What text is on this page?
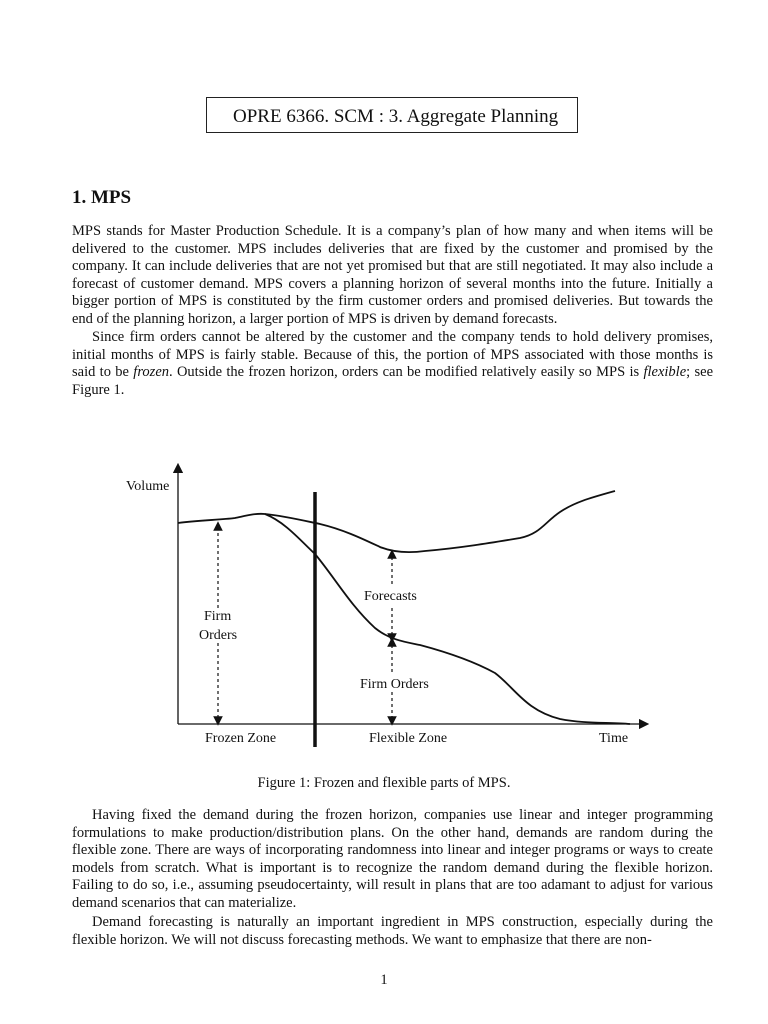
OPRE 6366. SCM : 3. Aggregate Planning
1. MPS
MPS stands for Master Production Schedule. It is a company’s plan of how many and when items will be delivered to the customer. MPS includes deliveries that are fixed by the customer and promised by the company. It can include deliveries that are not yet promised but that are still negotiated. It may also include a forecast of customer demand. MPS covers a planning horizon of several months into the future. Initially a bigger portion of MPS is constituted by the firm customer orders and promised deliveries. But towards the end of the planning horizon, a larger portion of MPS is driven by demand forecasts.
Since firm orders cannot be altered by the customer and the company tends to hold delivery promises, initial months of MPS is fairly stable. Because of this, the portion of MPS associated with those months is said to be frozen. Outside the frozen horizon, orders can be modified relatively easily so MPS is flexible; see Figure 1.
Volume
Firm
Orders
Forecasts
Firm Orders
Frozen Zone	Flexible Zone	Time
Figure 1: Frozen and flexible parts of MPS.
Having fixed the demand during the frozen horizon, companies use linear and integer programming formulations to make production/distribution plans. On the other hand, demands are random during the flexible zone. There are ways of incorporating randomness into linear and integer programs or ways to create models from scratch. What is important is to recognize the random demand during the flexible horizon. Failing to do so, i.e., assuming pseudocertainty, will result in plans that are too adamant to adjust for various demand scenarios that can materialize.
Demand forecasting is naturally an important ingredient in MPS construction, especially during the flexible horizon. We will not discuss forecasting methods. We want to emphasize that there are non-
1
